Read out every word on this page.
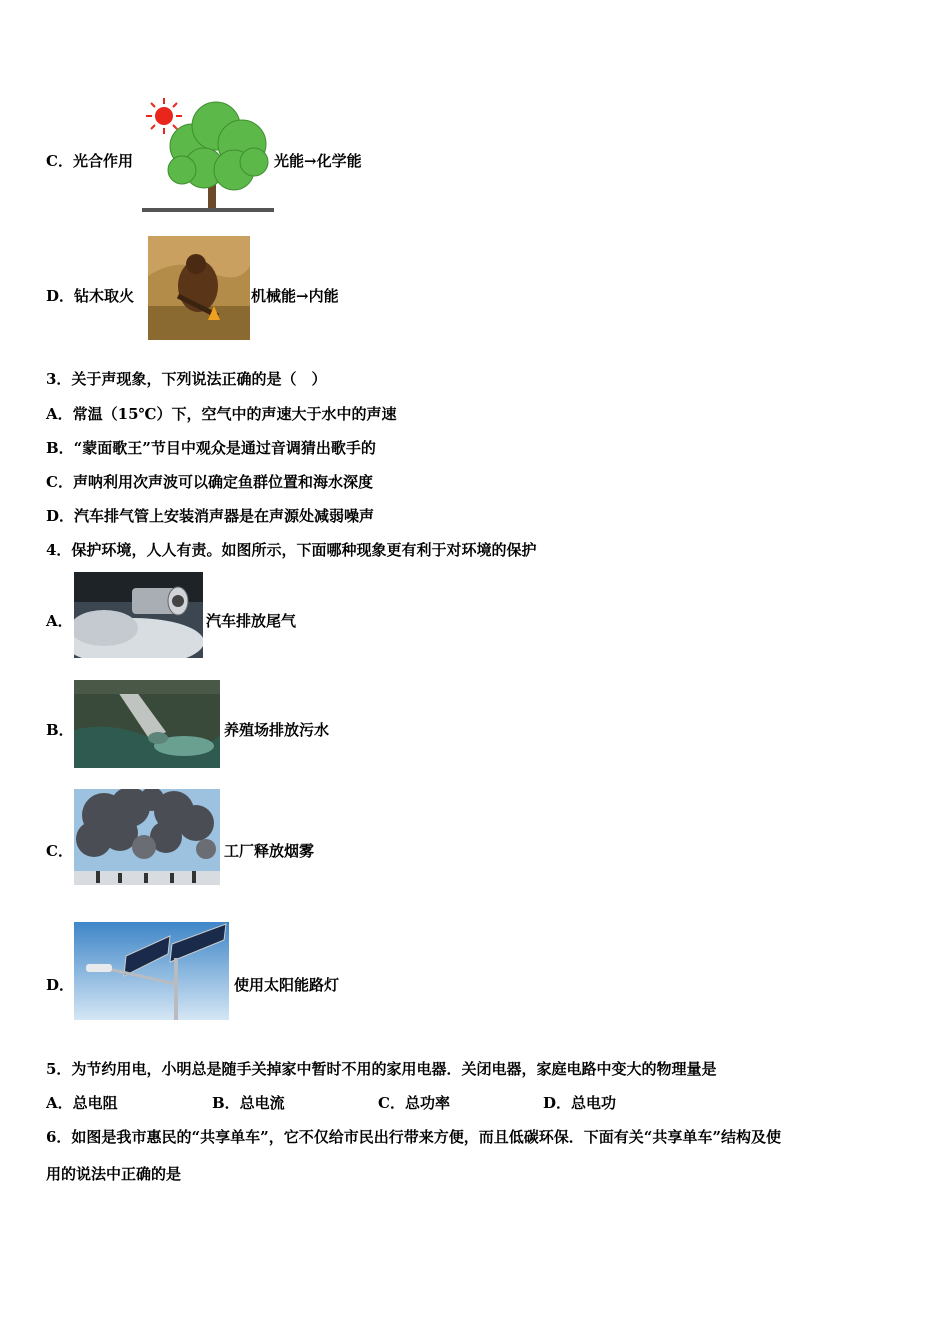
C．光合作用	光能→化学能
D．钻木取火	机械能→内能
3．关于声现象，下列说法正确的是（　）
A．常温（15℃）下，空气中的声速大于水中的声速
B．“蒙面歌王”节目中观众是通过音调猜出歌手的
C．声呐利用次声波可以确定鱼群位置和海水深度
D．汽车排气管上安装消声器是在声源处减弱噪声
4．保护环境，人人有责。如图所示，下面哪种现象更有利于对环境的保护
A．	汽车排放尾气
B．	养殖场排放污水
C．	工厂释放烟雾
D．	使用太阳能路灯
5．为节约用电，小明总是随手关掉家中暂时不用的家用电器．关闭电器，家庭电路中变大的物理量是
A．总电阻	B．总电流	C．总功率	D．总电功
6．如图是我市惠民的“共享单车”，它不仅给市民出行带来方便，而且低碳环保．下面有关“共享单车”结构及使
用的说法中正确的是
